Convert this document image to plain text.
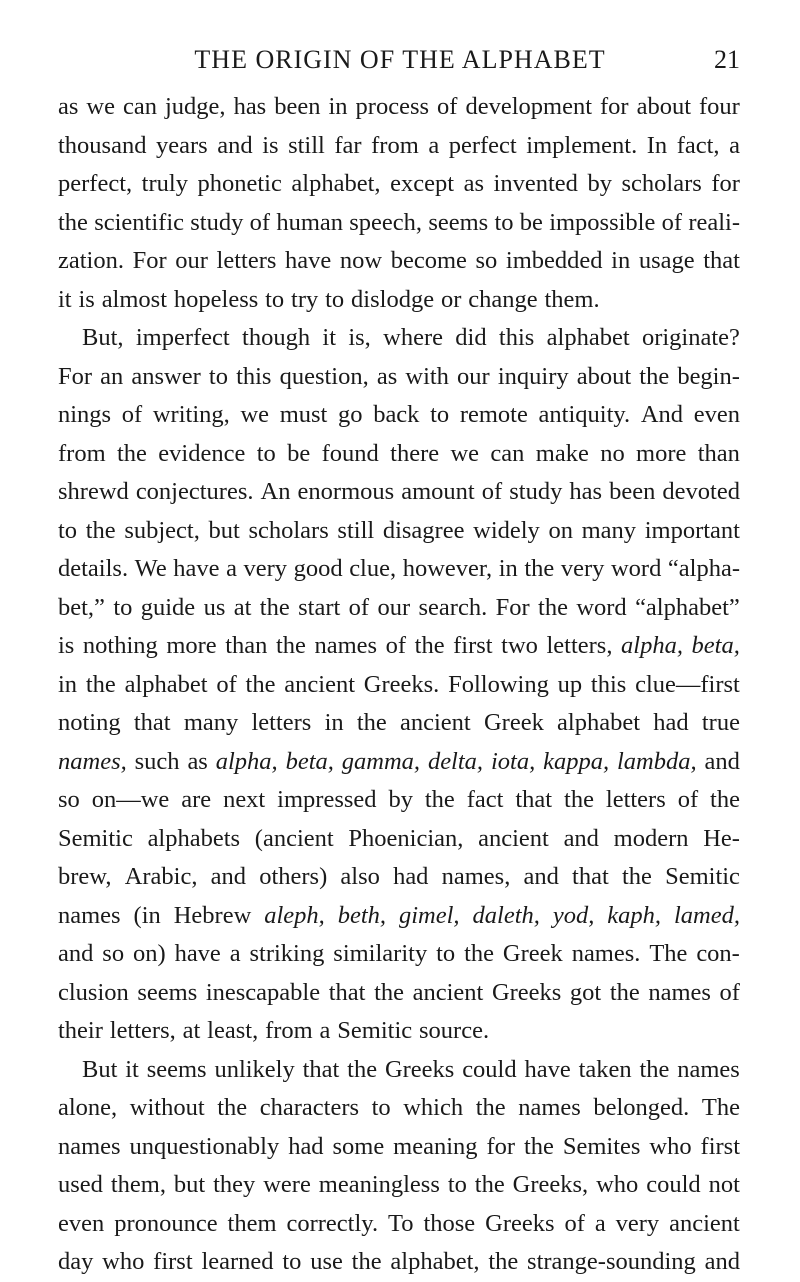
THE ORIGIN OF THE ALPHABET	21
as we can judge, has been in process of development for about four
thousand years and is still far from a perfect implement. In fact, a
perfect, truly phonetic alphabet, except as invented by scholars for
the scientific study of human speech, seems to be impossible of reali-
zation. For our letters have now become so imbedded in usage that
it is almost hopeless to try to dislodge or change them.
But, imperfect though it is, where did this alphabet originate?
For an answer to this question, as with our inquiry about the begin-
nings of writing, we must go back to remote antiquity. And even
from the evidence to be found there we can make no more than
shrewd conjectures. An enormous amount of study has been devoted
to the subject, but scholars still disagree widely on many important
details. We have a very good clue, however, in the very word “alpha-
bet,” to guide us at the start of our search. For the word “alphabet”
is nothing more than the names of the first two letters, alpha, beta,
in the alphabet of the ancient Greeks. Following up this clue—first
noting that many letters in the ancient Greek alphabet had true
names, such as alpha, beta, gamma, delta, iota, kappa, lambda, and
so on—we are next impressed by the fact that the letters of the
Semitic alphabets (ancient Phoenician, ancient and modern He-
brew, Arabic, and others) also had names, and that the Semitic
names (in Hebrew aleph, beth, gimel, daleth, yod, kaph, lamed,
and so on) have a striking similarity to the Greek names. The con-
clusion seems inescapable that the ancient Greeks got the names of
their letters, at least, from a Semitic source.
But it seems unlikely that the Greeks could have taken the names
alone, without the characters to which the names belonged. The
names unquestionably had some meaning for the Semites who first
used them, but they were meaningless to the Greeks, who could not
even pronounce them correctly. To those Greeks of a very ancient
day who first learned to use the alphabet, the strange-sounding and
